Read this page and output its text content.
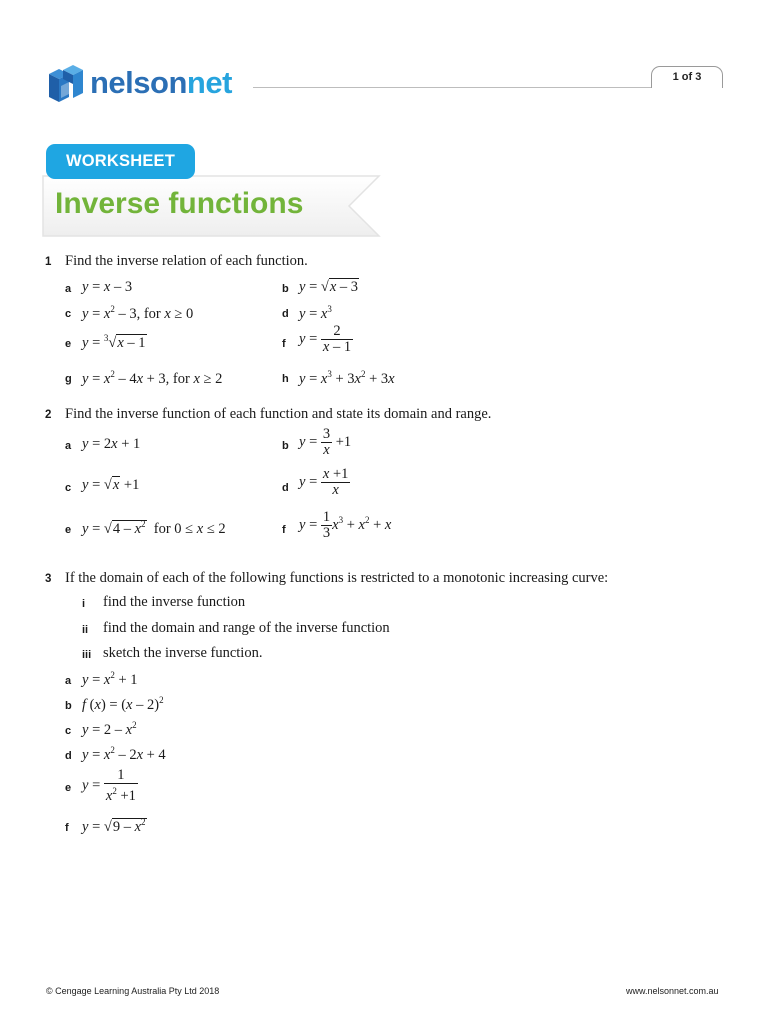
nelsonnet	1 of 3
WORKSHEET
Inverse functions
1 Find the inverse relation of each function.
a y = x – 3	b y = √x – 3
c $y = x^2 - 3$, for x ≥ 0	d $y = x^3$
e y = $^3$√x – 1	f $y = \frac{2}{x - 1}$
g $y = x^2 - 4x + 3$, for x ≥ 2	h $y = x^3 + 3x^2 + 3x$
2 Find the inverse function of each function and state its domain and range.
a y = 2x + 1	b $y = \frac{3}{x} +1$
c y = √x +1	d $y = \frac{x +1}{x}$
e $y = √4 - x^2$  for 0 ≤ x ≤ 2	f $y = \frac{1}{3} x^3 + x^2 + x$
3 If the domain of each of the following functions is restricted to a monotonic increasing curve:
i find the inverse function
ii find the domain and range of the inverse function
iii sketch the inverse function.
a $y = x^2 + 1$
b f (x) = (x – 2)$^2$
c $y = 2 - x^2$
d $y = x^2 - 2x + 4$
e $y = \frac{1}{x^2 +1}$
f $y = √9 - x^2$
© Cengage Learning Australia Pty Ltd 2018	www.nelsonnet.com.au
